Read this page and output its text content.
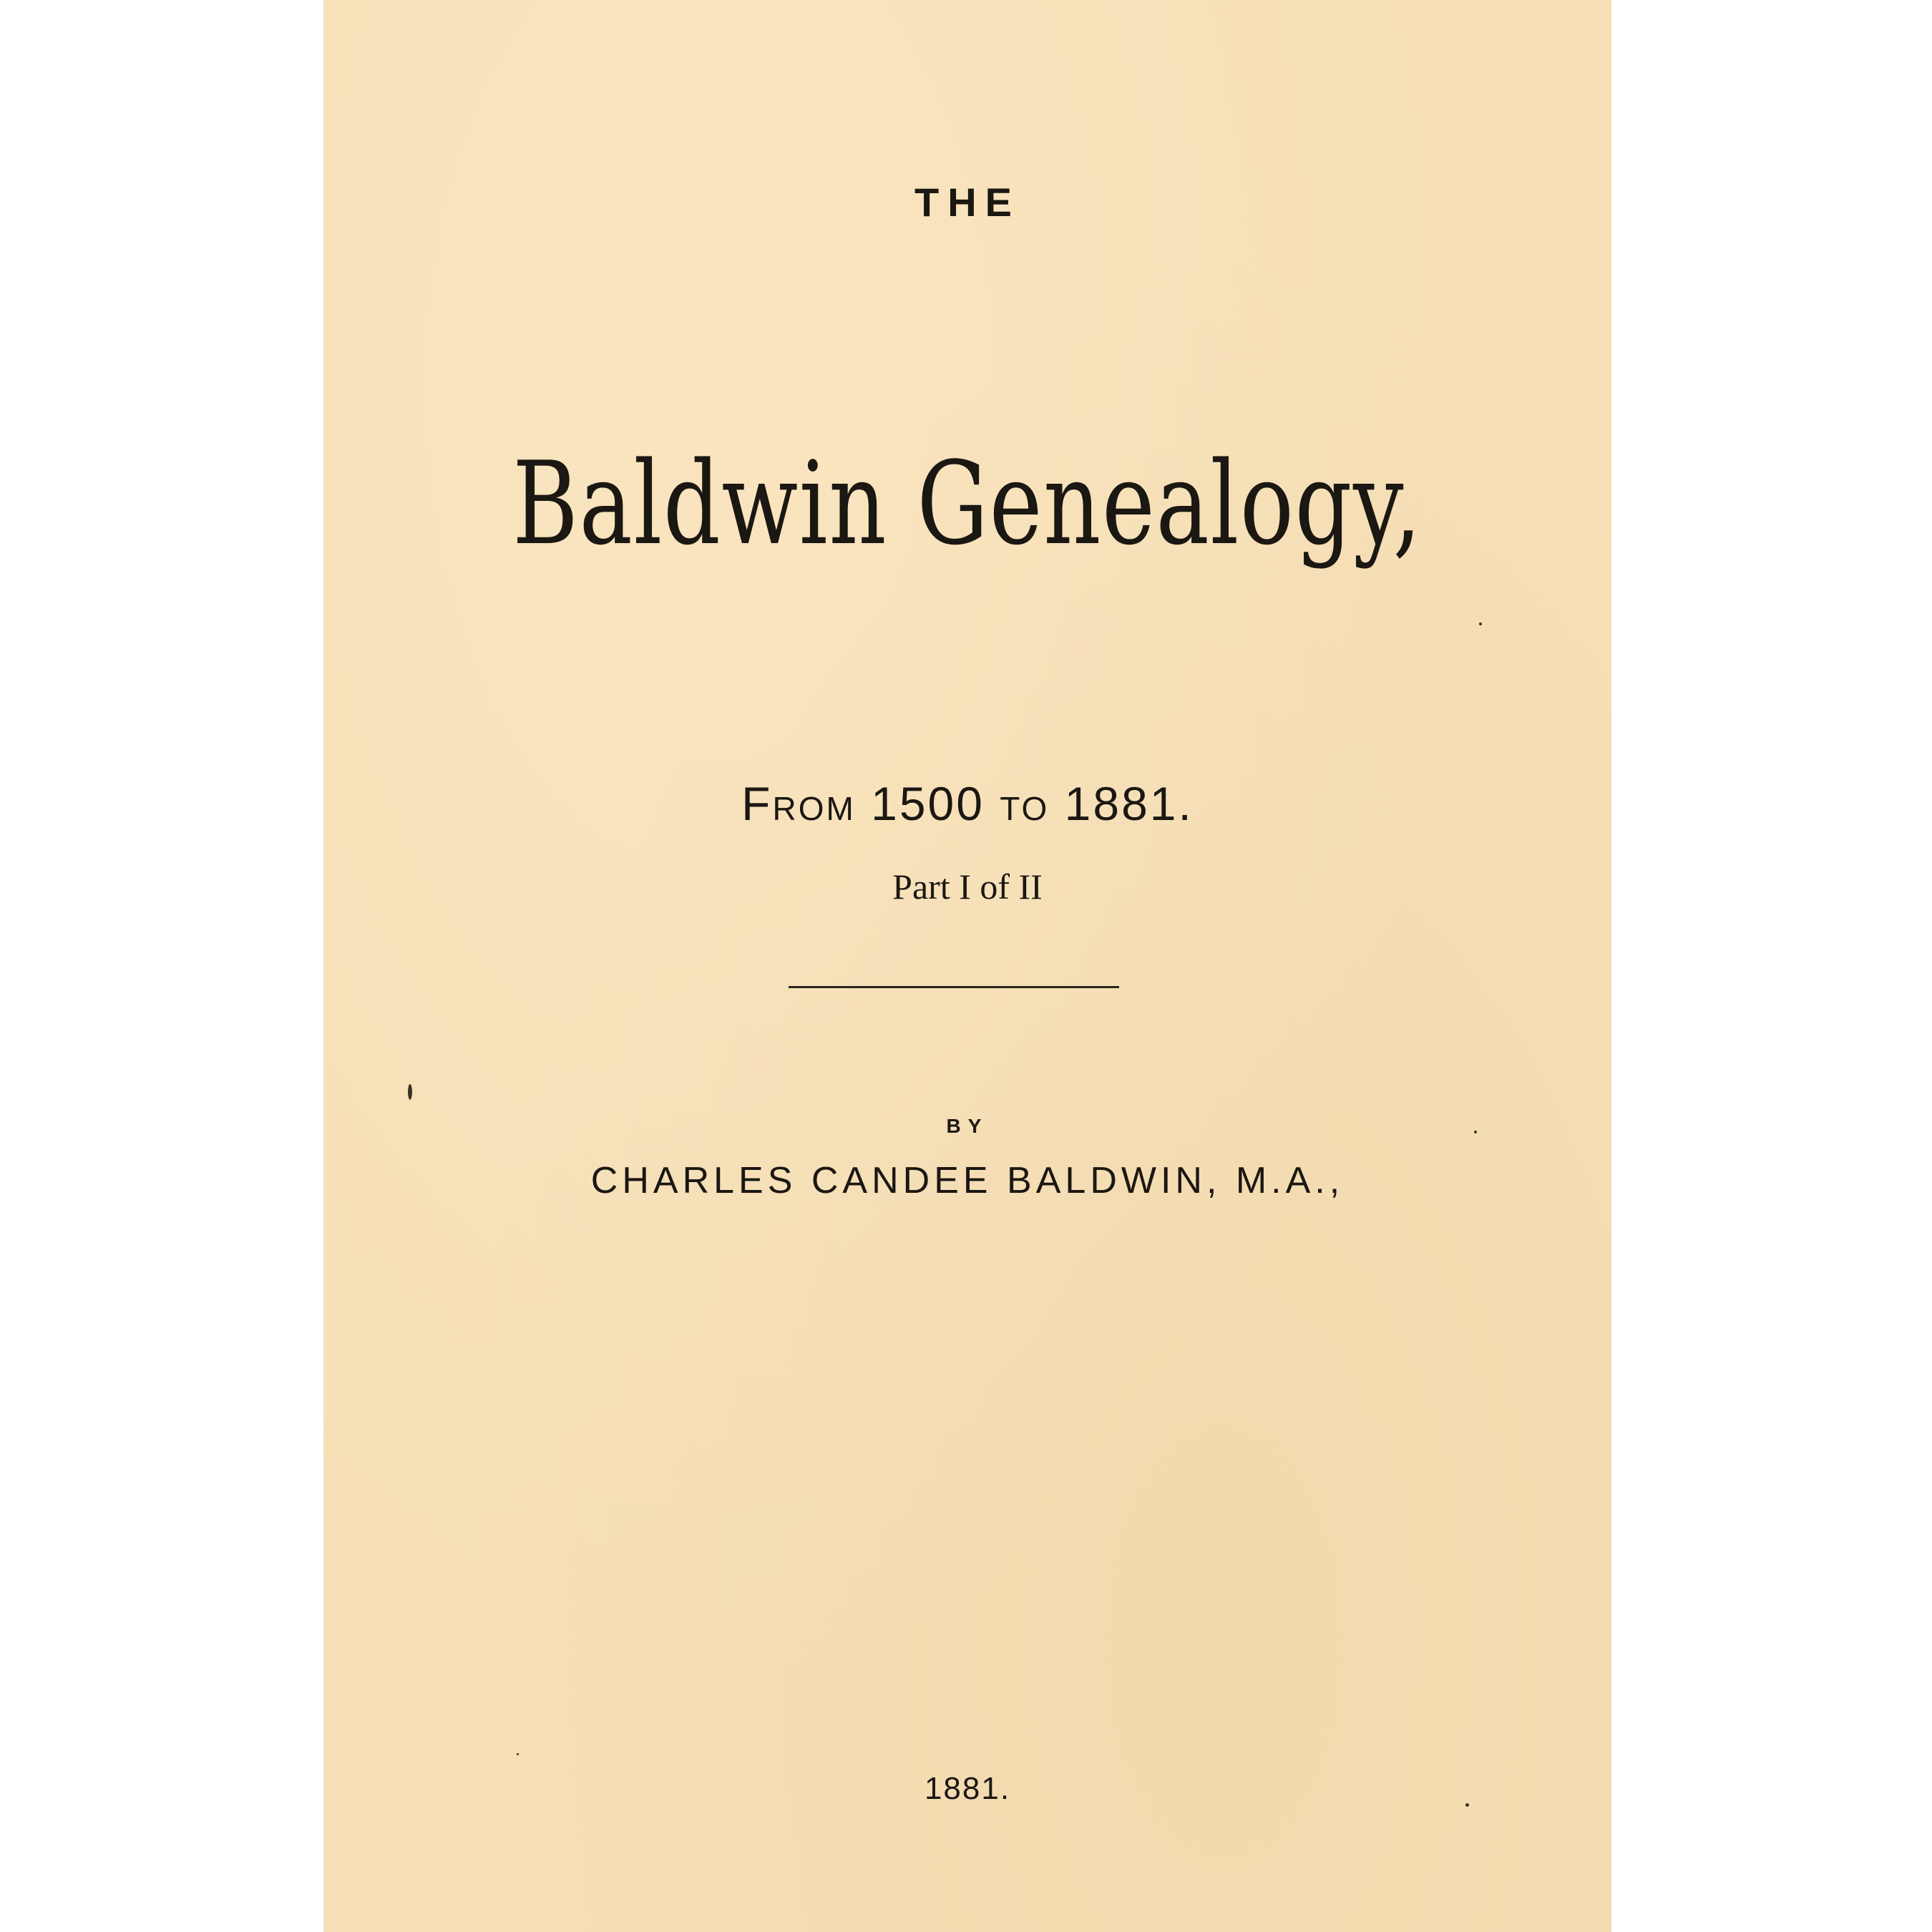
THE
Baldwin Genealogy,
From 1500 to 1881.
Part I of II
BY
CHARLES CANDEE BALDWIN, M.A.,
1881.
